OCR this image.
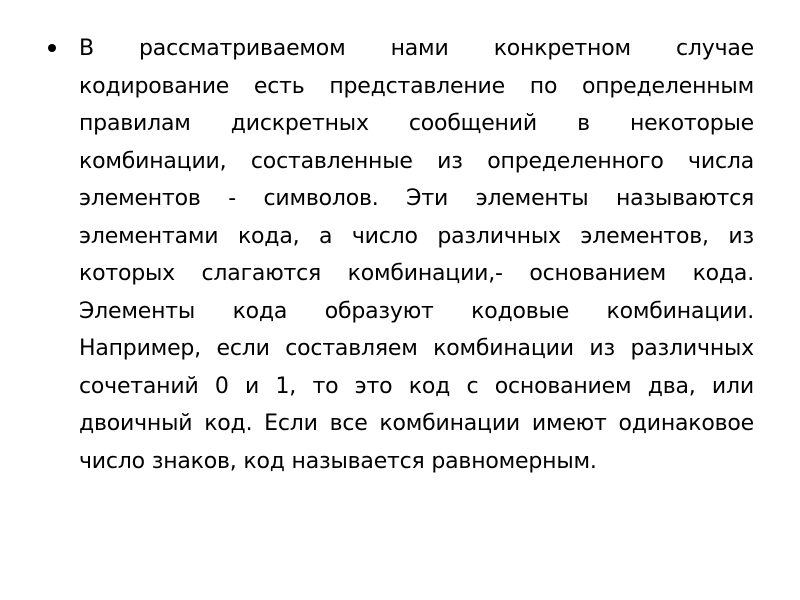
В рассматриваемом нами конкретном случае кодирование есть представление по определенным правилам дискретных сообщений в некоторые комбинации, составленные из определенного числа элементов - символов. Эти элементы называются элементами кода, а число различных элементов, из которых слагаются комбинации,- основанием кода. Элементы кода образуют кодовые комбинации. Например, если составляем комбинации из различных сочетаний 0 и 1, то это код с основанием два, или двоичный код. Если все комбинации имеют одинаковое число знаков, код называется равномерным.
